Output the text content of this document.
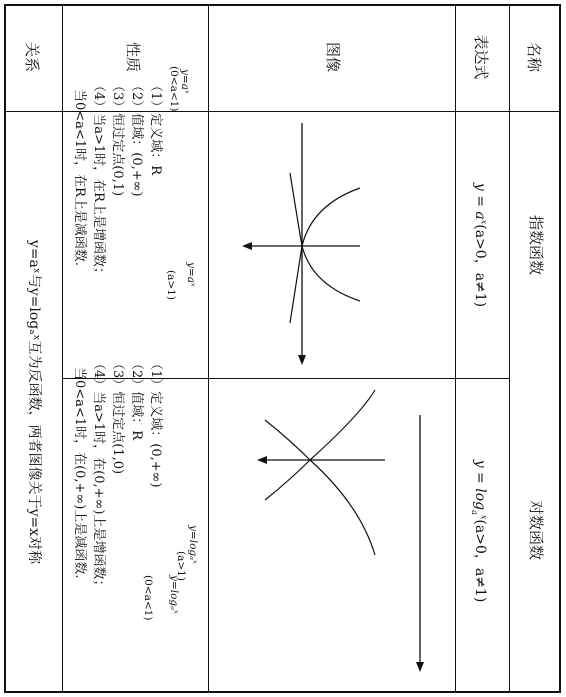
名称
表达式
图像
性质
关系
指数函数
对数函数
$y = a^x(a>0$，a≠1)
$y = \log_a^x(a>0$，a≠1)
y=aˣ
(0<a<1)
y=aˣ
(a>1)
y=logₐˣ
(a>1)
y=logₐˣ
(0<a<1)
（1）定义域：R
（2）值域：(0,+∞)
（3）恒过定点(0,1)
（4）当a>1时，在R上是增函数；
当0<a<1时，在R上是减函数.
（1）定义域：(0,+∞)
（2）值域：R
（3）恒过定点(1,0)
（4）当a>1时，在(0,+∞)上是增函数；
当0<a<1时，在(0,+∞)上是减函数.
y=aˣ与y=logₐˣ互为反函数，两者图像关于y=x对称
